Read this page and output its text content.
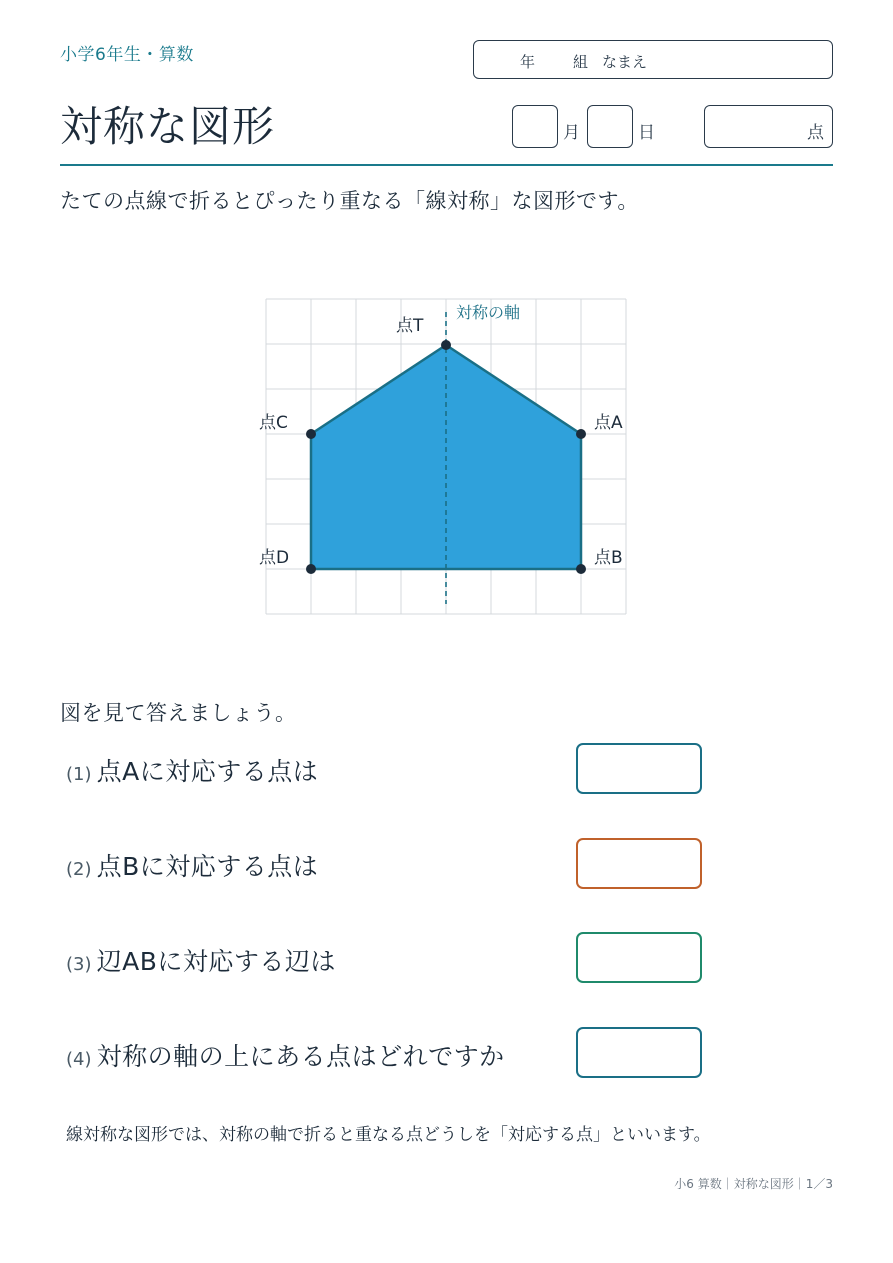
小学6年生・算数	年	組 なまえ
対称な図形	月	日	点
たての点線で折るとぴったり重なる「線対称」な図形です。
点T
点A
点B
点C
点D
対称の軸
図を見て答えましょう。
(1) 点Aに対応する点は
(2) 点Bに対応する点は
(3) 辺ABに対応する辺は
(4) 対称の軸の上にある点はどれですか
線対称な図形では、対称の軸で折ると重なる点どうしを「対応する点」といいます。
小6 算数｜対称な図形｜1／3
